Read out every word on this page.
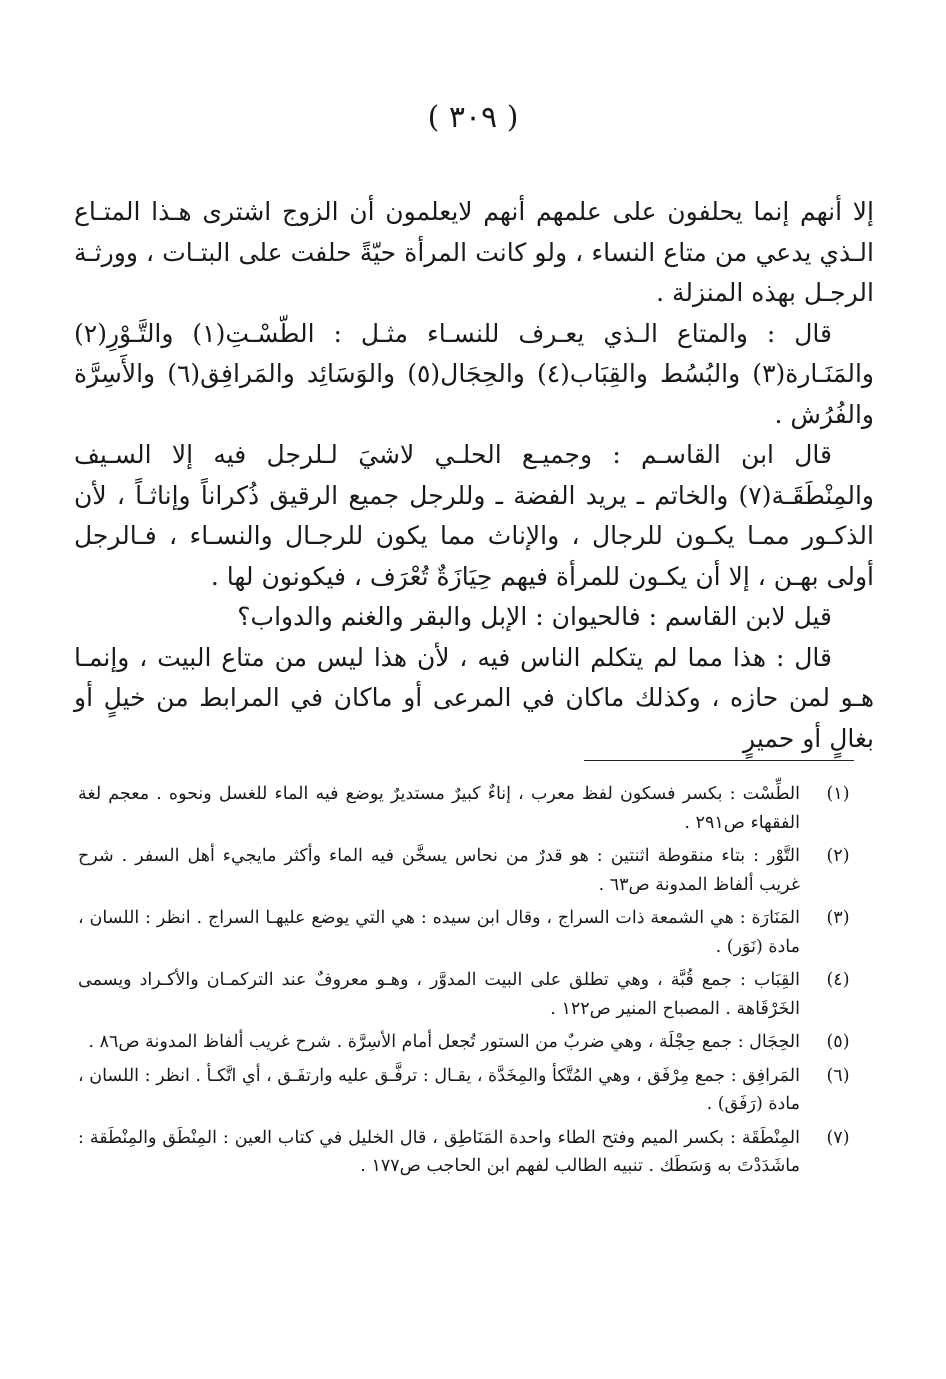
( ٣٠٩ )

إلا أنهم إنما يحلفون على علمهم أنهم لايعلمون أن الزوج اشترى هـذا المتـاع الـذي يدعي من متاع النساء ، ولو كانت المرأة حيّةً حلفت على البتـات ، وورثـة الرجـل بهذه المنزلة .

قال : والمتاع الـذي يعـرف للنسـاء مثـل : الطّسْـتِ(١) والتَّـوْرِ(٢) والمَنَـارة(٣) والبُسُط والقِبَاب(٤) والحِجَال(٥) والوَسَائِد والمَرافِق(٦) والأَسِرَّة والفُرُش .

قال ابن القاسـم : وجميـع الحلـي لاشيَ لـلرجل فيه إلا السـيف والمِنْطَقَـة(٧) والخاتم ـ يريد الفضة ـ وللرجل جميع الرقيق ذُكراناً وإناثـاً ، لأن الذكـور ممـا يكـون للرجال ، والإناث مما يكون للرجـال والنسـاء ، فـالرجل أولى بهـن ، إلا أن يكـون للمرأة فيهم حِيَازَةٌ تُعْرَف ، فيكونون لها .

قيل لابن القاسم : فالحيوان : الإبل والبقر والغنم والدواب؟

قال : هذا مما لم يتكلم الناس فيه ، لأن هذا ليس من متاع البيت ، وإنمـا هـو لمن حازه ، وكذلك ماكان في المرعى أو ماكان في المرابط من خيلٍ أو بغالٍ أو حميرٍ

(١)
الطِّسْت : بكسر فسكون لفظ معرب ، إناءٌ كبيرٌ مستديرٌ يوضع فيه الماء للغسل ونحوه . معجم لغة الفقهاء ص٢٩١ .
(٢)
التَّوْر : بتاء منقوطة اثنتين : هو قدرٌ من نحاس يسخَّن فيه الماء وأكثر مايجيء أهل السفر . شرح غريب ألفاظ المدونة ص٦٣ .
(٣)
المَنَارَة : هي الشمعة ذات السراج ، وقال ابن سيده : هي التي يوضع عليهـا السراج . انظر : اللسان ، مادة (نَوَر) .
(٤)
القِبَاب : جمع قُبَّة ، وهي تطلق على البيت المدوَّر ، وهـو معروفٌ عند التركمـان والأكـراد ويسمى الخَرْقَاهة . المصباح المنير ص١٢٢ .
(٥)
الحِجَال : جمع حِجْلَة ، وهي ضربٌ من الستور تُجعل أمام الأسِرَّة . شرح غريب ألفاظ المدونة ص٨٦ .
(٦)
المَرافِق : جمع مِرْفَق ، وهي المُتَّكأ والمِخَدَّة ، يقـال : ترفَّـق عليه وارتفَـق ، أي اتَّكـأ . انظر : اللسان ، مادة (رَفَق) .
(٧)
المِنْطَقَة : بكسر الميم وفتح الطاء واحدة المَنَاطِق ، قال الخليل في كتاب العين : المِنْطَق والمِنْطَقة : ماشَدَدْتَ به وَسَطَك . تنبيه الطالب لفهم ابن الحاجب ص١٧٧ .
